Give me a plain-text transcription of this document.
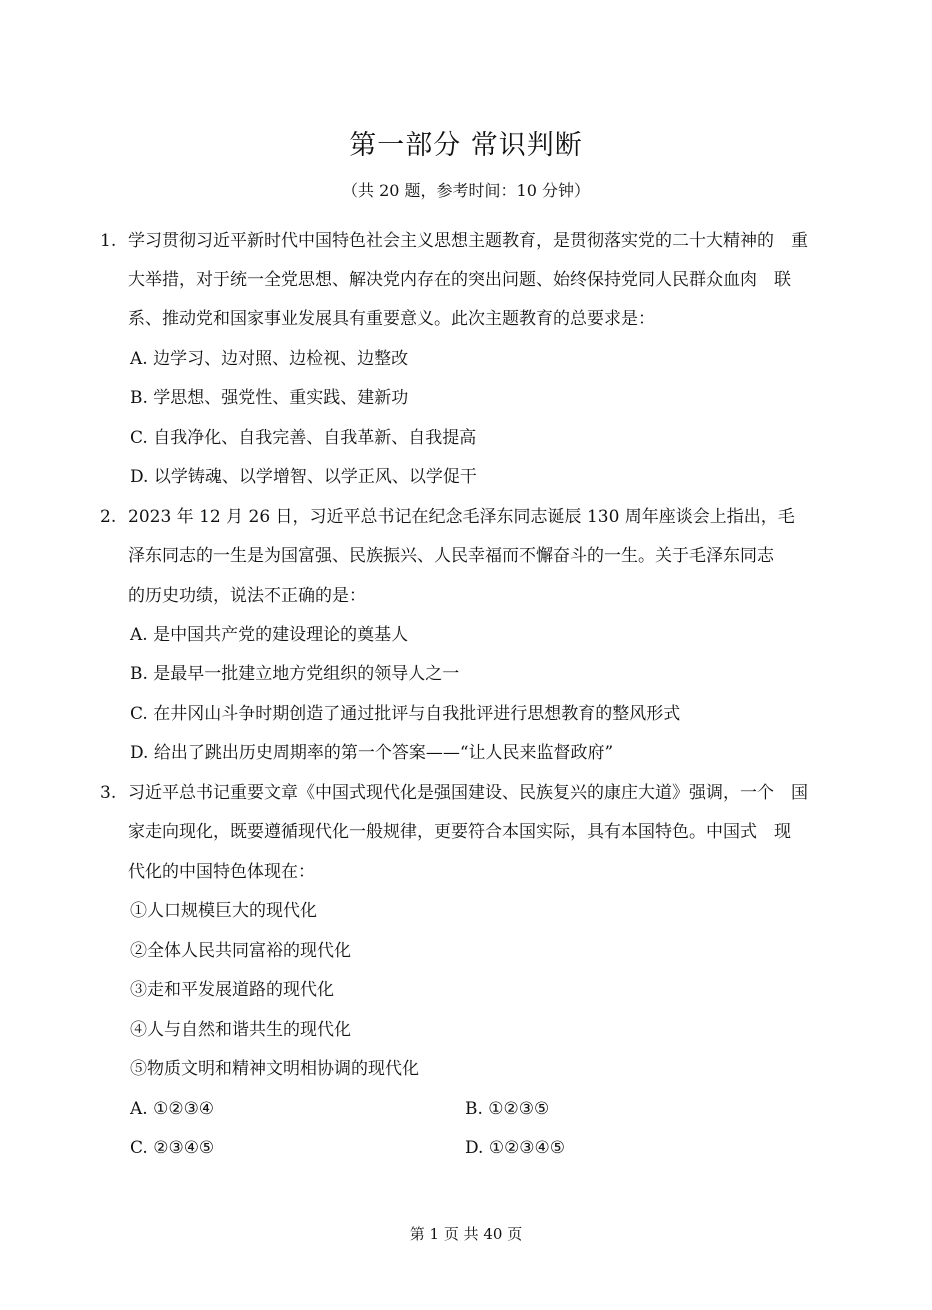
第一部分 常识判断
（共 20 题，参考时间：10 分钟）
1. 学习贯彻习近平新时代中国特色社会主义思想主题教育，是贯彻落实党的二十大精神的　重
大举措，对于统一全党思想、解决党内存在的突出问题、始终保持党同人民群众血肉　联
系、推动党和国家事业发展具有重要意义。此次主题教育的总要求是：
A. 边学习、边对照、边检视、边整改
B. 学思想、强党性、重实践、建新功
C. 自我净化、自我完善、自我革新、自我提高
D. 以学铸魂、以学增智、以学正风、以学促干
2. 2023 年 12 月 26 日，习近平总书记在纪念毛泽东同志诞辰 130 周年座谈会上指出，毛
泽东同志的一生是为国富强、民族振兴、人民幸福而不懈奋斗的一生。关于毛泽东同志
的历史功绩，说法不正确的是：
A. 是中国共产党的建设理论的奠基人
B. 是最早一批建立地方党组织的领导人之一
C. 在井冈山斗争时期创造了通过批评与自我批评进行思想教育的整风形式
D. 给出了跳出历史周期率的第一个答案——“让人民来监督政府”
3. 习近平总书记重要文章《中国式现代化是强国建设、民族复兴的康庄大道》强调，一个　国
家走向现化，既要遵循现代化一般规律，更要符合本国实际，具有本国特色。中国式　现
代化的中国特色体现在：
①人口规模巨大的现代化
②全体人民共同富裕的现代化
③走和平发展道路的现代化
④人与自然和谐共生的现代化
⑤物质文明和精神文明相协调的现代化
A. ①②③④	B. ①②③⑤
C. ②③④⑤	D. ①②③④⑤
第 1 页 共 40 页
